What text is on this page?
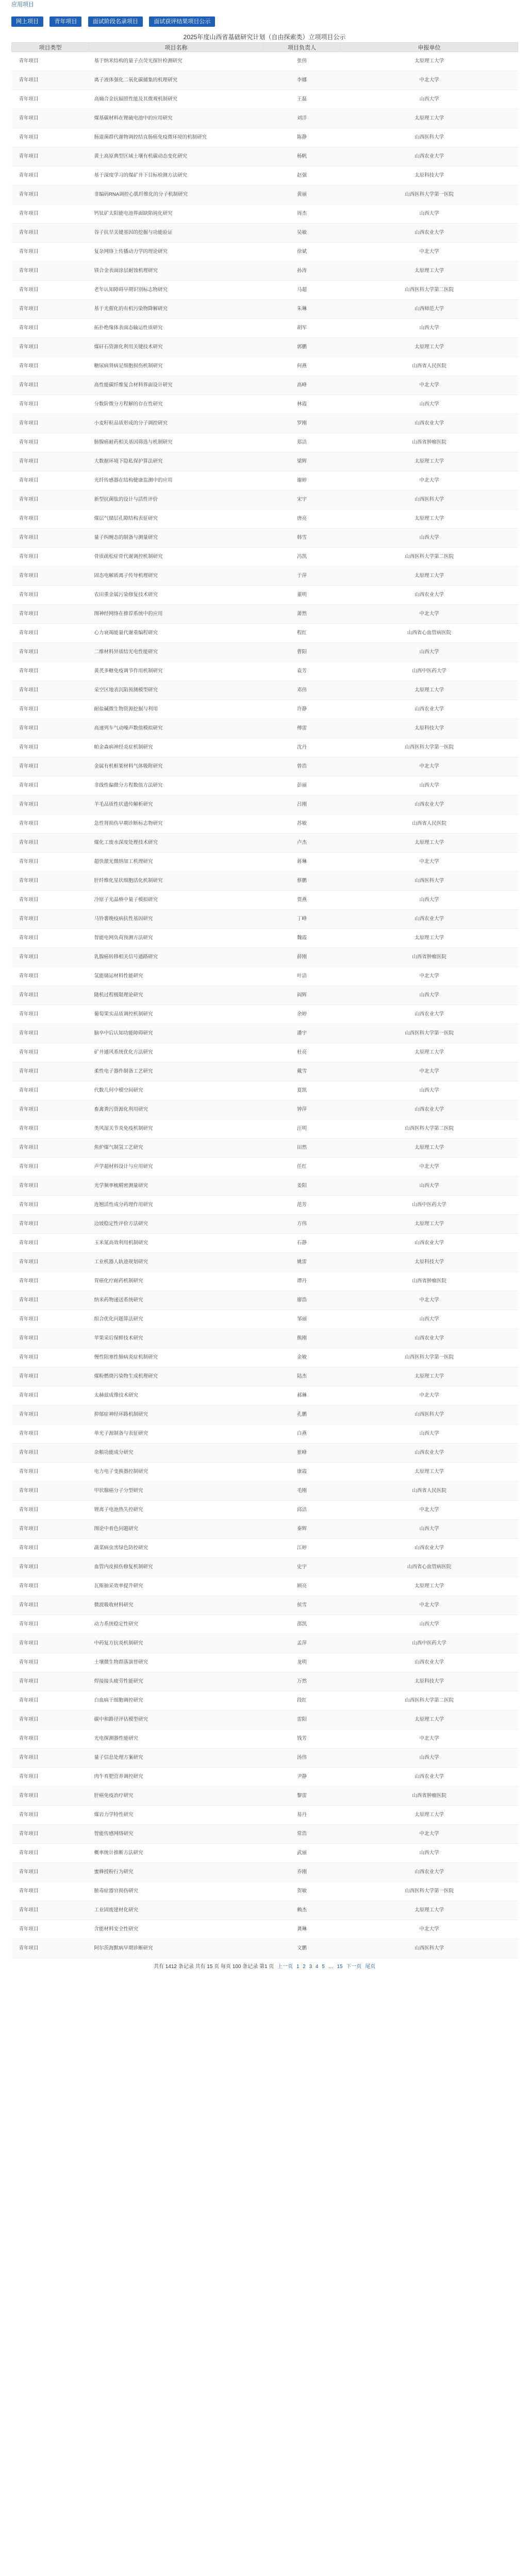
应用项目
网上项目	青年项目	面试阶段名录项目	面试获评结果项目公示
2025年度山西省基础研究计划（自由探索类）立项项目公示
项目类型	项目名称	项目负责人	申报单位
青年项目	基于纳米结构的量子点荧光探针检测研究	张伟	太原理工大学
青年项目	离子液体强化二氧化碳捕集的机理研究	李娜	中北大学
青年项目	高熵合金抗辐照性能及其微观机制研究	王磊	山西大学
青年项目	煤基碳材料在锂硫电池中的应用研究	刘洋	太原理工大学
青年项目	肠道菌群代谢物调控结直肠癌免疫微环境的机制研究	陈静	山西医科大学
青年项目	黄土高原典型区域土壤有机碳动态变化研究	杨帆	山西农业大学
青年项目	基于深度学习的煤矿井下目标检测方法研究	赵强	太原科技大学
青年项目	非编码RNA调控心肌纤维化的分子机制研究	黄丽	山西医科大学第一医院
青年项目	钙钛矿太阳能电池界面缺陷钝化研究	周杰	山西大学
青年项目	谷子抗旱关键基因的挖掘与功能验证	吴敏	山西农业大学
青年项目	复杂网络上传播动力学的理论研究	徐斌	中北大学
青年项目	镁合金表面涂层耐蚀机理研究	孙涛	太原理工大学
青年项目	老年认知障碍早期识别标志物研究	马超	山西医科大学第二医院
青年项目	基于光催化的有机污染物降解研究	朱琳	山西师范大学
青年项目	拓扑绝缘体表面态输运性质研究	胡军	山西大学
青年项目	煤矸石资源化利用关键技术研究	郭鹏	太原理工大学
青年项目	糖尿病肾病足细胞损伤机制研究	何燕	山西省人民医院
青年项目	高性能碳纤维复合材料界面设计研究	高峰	中北大学
青年项目	分数阶微分方程解的存在性研究	林霞	山西大学
青年项目	小麦籽粒品质形成的分子调控研究	罗刚	山西农业大学
青年项目	肺腺癌耐药相关基因筛选与机制研究	郑洁	山西省肿瘤医院
青年项目	大数据环境下隐私保护算法研究	梁辉	太原理工大学
青年项目	光纤传感器在结构健康监测中的应用	谢婷	中北大学
青年项目	新型抗菌肽的设计与活性评价	宋宇	山西医科大学
青年项目	煤层气储层孔隙结构表征研究	唐亮	太原理工大学
青年项目	量子纠缠态的制备与测量研究	韩雪	山西大学
青年项目	骨质疏松症骨代谢调控机制研究	冯凯	山西医科大学第二医院
青年项目	固态电解质离子传导机理研究	于萍	太原理工大学
青年项目	农田重金属污染修复技术研究	董明	山西农业大学
青年项目	图神经网络在推荐系统中的应用	萧然	中北大学
青年项目	心力衰竭能量代谢重编程研究	程红	山西省心血管病医院
青年项目	二维材料异质结光电性能研究	曹阳	山西大学
青年项目	黄芪多糖免疫调节作用机制研究	袁芳	山西中医药大学
青年项目	采空区地表沉陷预测模型研究	邓伟	太原理工大学
青年项目	耐盐碱微生物资源挖掘与利用	许静	山西农业大学
青年项目	高速列车气动噪声数值模拟研究	傅雷	太原科技大学
青年项目	帕金森病神经炎症机制研究	沈丹	山西医科大学第一医院
青年项目	金属有机框架材料气体吸附研究	曾浩	中北大学
青年项目	非线性偏微分方程数值方法研究	彭丽	山西大学
青年项目	羊毛品质性状遗传解析研究	吕刚	山西农业大学
青年项目	急性肾损伤早期诊断标志物研究	苏敏	山西省人民医院
青年项目	煤化工废水深度处理技术研究	卢杰	太原理工大学
青年项目	超快激光微纳加工机理研究	蒋琳	中北大学
青年项目	肝纤维化星状细胞活化机制研究	蔡鹏	山西医科大学
青年项目	冷原子光晶格中量子模拟研究	贾燕	山西大学
青年项目	马铃薯晚疫病抗性基因研究	丁峰	山西农业大学
青年项目	智能电网负荷预测方法研究	魏霞	太原理工大学
青年项目	乳腺癌转移相关信号通路研究	薛刚	山西省肿瘤医院
青年项目	氢能储运材料性能研究	叶洁	中北大学
青年项目	随机过程极限理论研究	阎辉	山西大学
青年项目	葡萄果实品质调控机制研究	余婷	山西农业大学
青年项目	脑卒中后认知功能障碍研究	潘宇	山西医科大学第一医院
青年项目	矿井通风系统优化方法研究	杜亮	太原理工大学
青年项目	柔性电子器件制备工艺研究	戴雪	中北大学
青年项目	代数几何中模空间研究	夏凯	山西大学
青年项目	畜禽粪污资源化利用研究	钟萍	山西农业大学
青年项目	类风湿关节炎免疫机制研究	汪明	山西医科大学第二医院
青年项目	焦炉煤气制氢工艺研究	田然	太原理工大学
青年项目	声学超材料设计与应用研究	任红	中北大学
青年项目	光学频率梳精密测量研究	姜阳	山西大学
青年项目	连翘活性成分药理作用研究	范芳	山西中医药大学
青年项目	边坡稳定性评价方法研究	方伟	太原理工大学
青年项目	玉米氮高效利用机制研究	石静	山西农业大学
青年项目	工业机器人轨迹规划研究	姚雷	太原科技大学
青年项目	胃癌化疗耐药机制研究	谭丹	山西省肿瘤医院
青年项目	纳米药物递送系统研究	廖浩	中北大学
青年项目	组合优化问题算法研究	邹丽	山西大学
青年项目	苹果采后保鲜技术研究	熊刚	山西农业大学
青年项目	慢性阻塞性肺病炎症机制研究	金敏	山西医科大学第一医院
青年项目	煤粉燃烧污染物生成机理研究	陆杰	太原理工大学
青年项目	太赫兹成像技术研究	郝琳	中北大学
青年项目	抑郁症神经环路机制研究	孔鹏	山西医科大学
青年项目	单光子源制备与表征研究	白燕	山西大学
青年项目	杂粮功能成分研究	崔峰	山西农业大学
青年项目	电力电子变换器控制研究	康霞	太原理工大学
青年项目	甲状腺癌分子分型研究	毛刚	山西省人民医院
青年项目	锂离子电池热失控研究	邱洁	中北大学
青年项目	图论中着色问题研究	秦辉	山西大学
青年项目	蔬菜病虫害绿色防控研究	江婷	山西农业大学
青年项目	血管内皮损伤修复机制研究	史宇	山西省心血管病医院
青年项目	瓦斯抽采效率提升研究	顾亮	太原理工大学
青年项目	微波吸收材料研究	侯雪	中北大学
青年项目	动力系统稳定性研究	邵凯	山西大学
青年项目	中药复方抗炎机制研究	孟萍	山西中医药大学
青年项目	土壤微生物群落演替研究	龙明	山西农业大学
青年项目	焊接接头疲劳性能研究	万然	太原科技大学
青年项目	白血病干细胞调控研究	段红	山西医科大学第二医院
青年项目	碳中和路径评估模型研究	雷阳	太原理工大学
青年项目	光电探测器性能研究	钱芳	中北大学
青年项目	量子信息处理方案研究	汤伟	山西大学
青年项目	肉牛育肥营养调控研究	尹静	山西农业大学
青年项目	肝癌免疫治疗研究	黎雷	山西省肿瘤医院
青年项目	煤岩力学特性研究	易丹	太原理工大学
青年项目	智能传感网络研究	常浩	中北大学
青年项目	概率统计推断方法研究	武丽	山西大学
青年项目	蜜蜂授粉行为研究	乔刚	山西农业大学
青年项目	脓毒症器官损伤研究	贺敏	山西医科大学第一医院
青年项目	工业固废建材化研究	赖杰	太原理工大学
青年项目	含能材料安全性研究	龚琳	中北大学
青年项目	阿尔茨海默病早期诊断研究	文鹏	山西医科大学
共有 1412 条记录 共有 15 页 每页 100 条记录 第1 页 上一页 1 2 3 4 5 … 15 下一页 尾页
